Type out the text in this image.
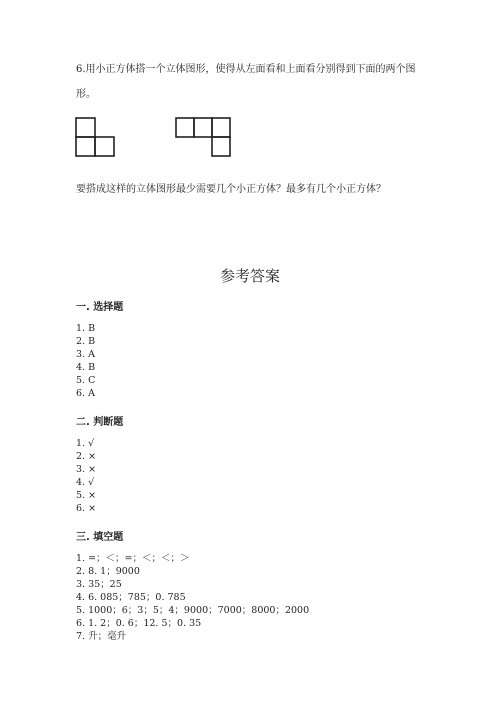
6.用小正方体搭一个立体图形，使得从左面看和上面看分别得到下面的两个图

形。

要搭成这样的立体图形最少需要几个小正方体？最多有几个小正方体？

参考答案
一. 选择题
1. B
2. B
3. A
4. B
5. C
6. A
二. 判断题
1. √
2. ×
3. ×
4. √
5. ×
6. ×
三. 填空题
1. =；＜；=；＜；＜；＞
2. 8. 1；9000
3. 35；25
4. 6. 085；785；0. 785
5. 1000；6；3；5；4；9000；7000；8000；2000
6. 1. 2；0. 6；12. 5；0. 35
7. 升；毫升
